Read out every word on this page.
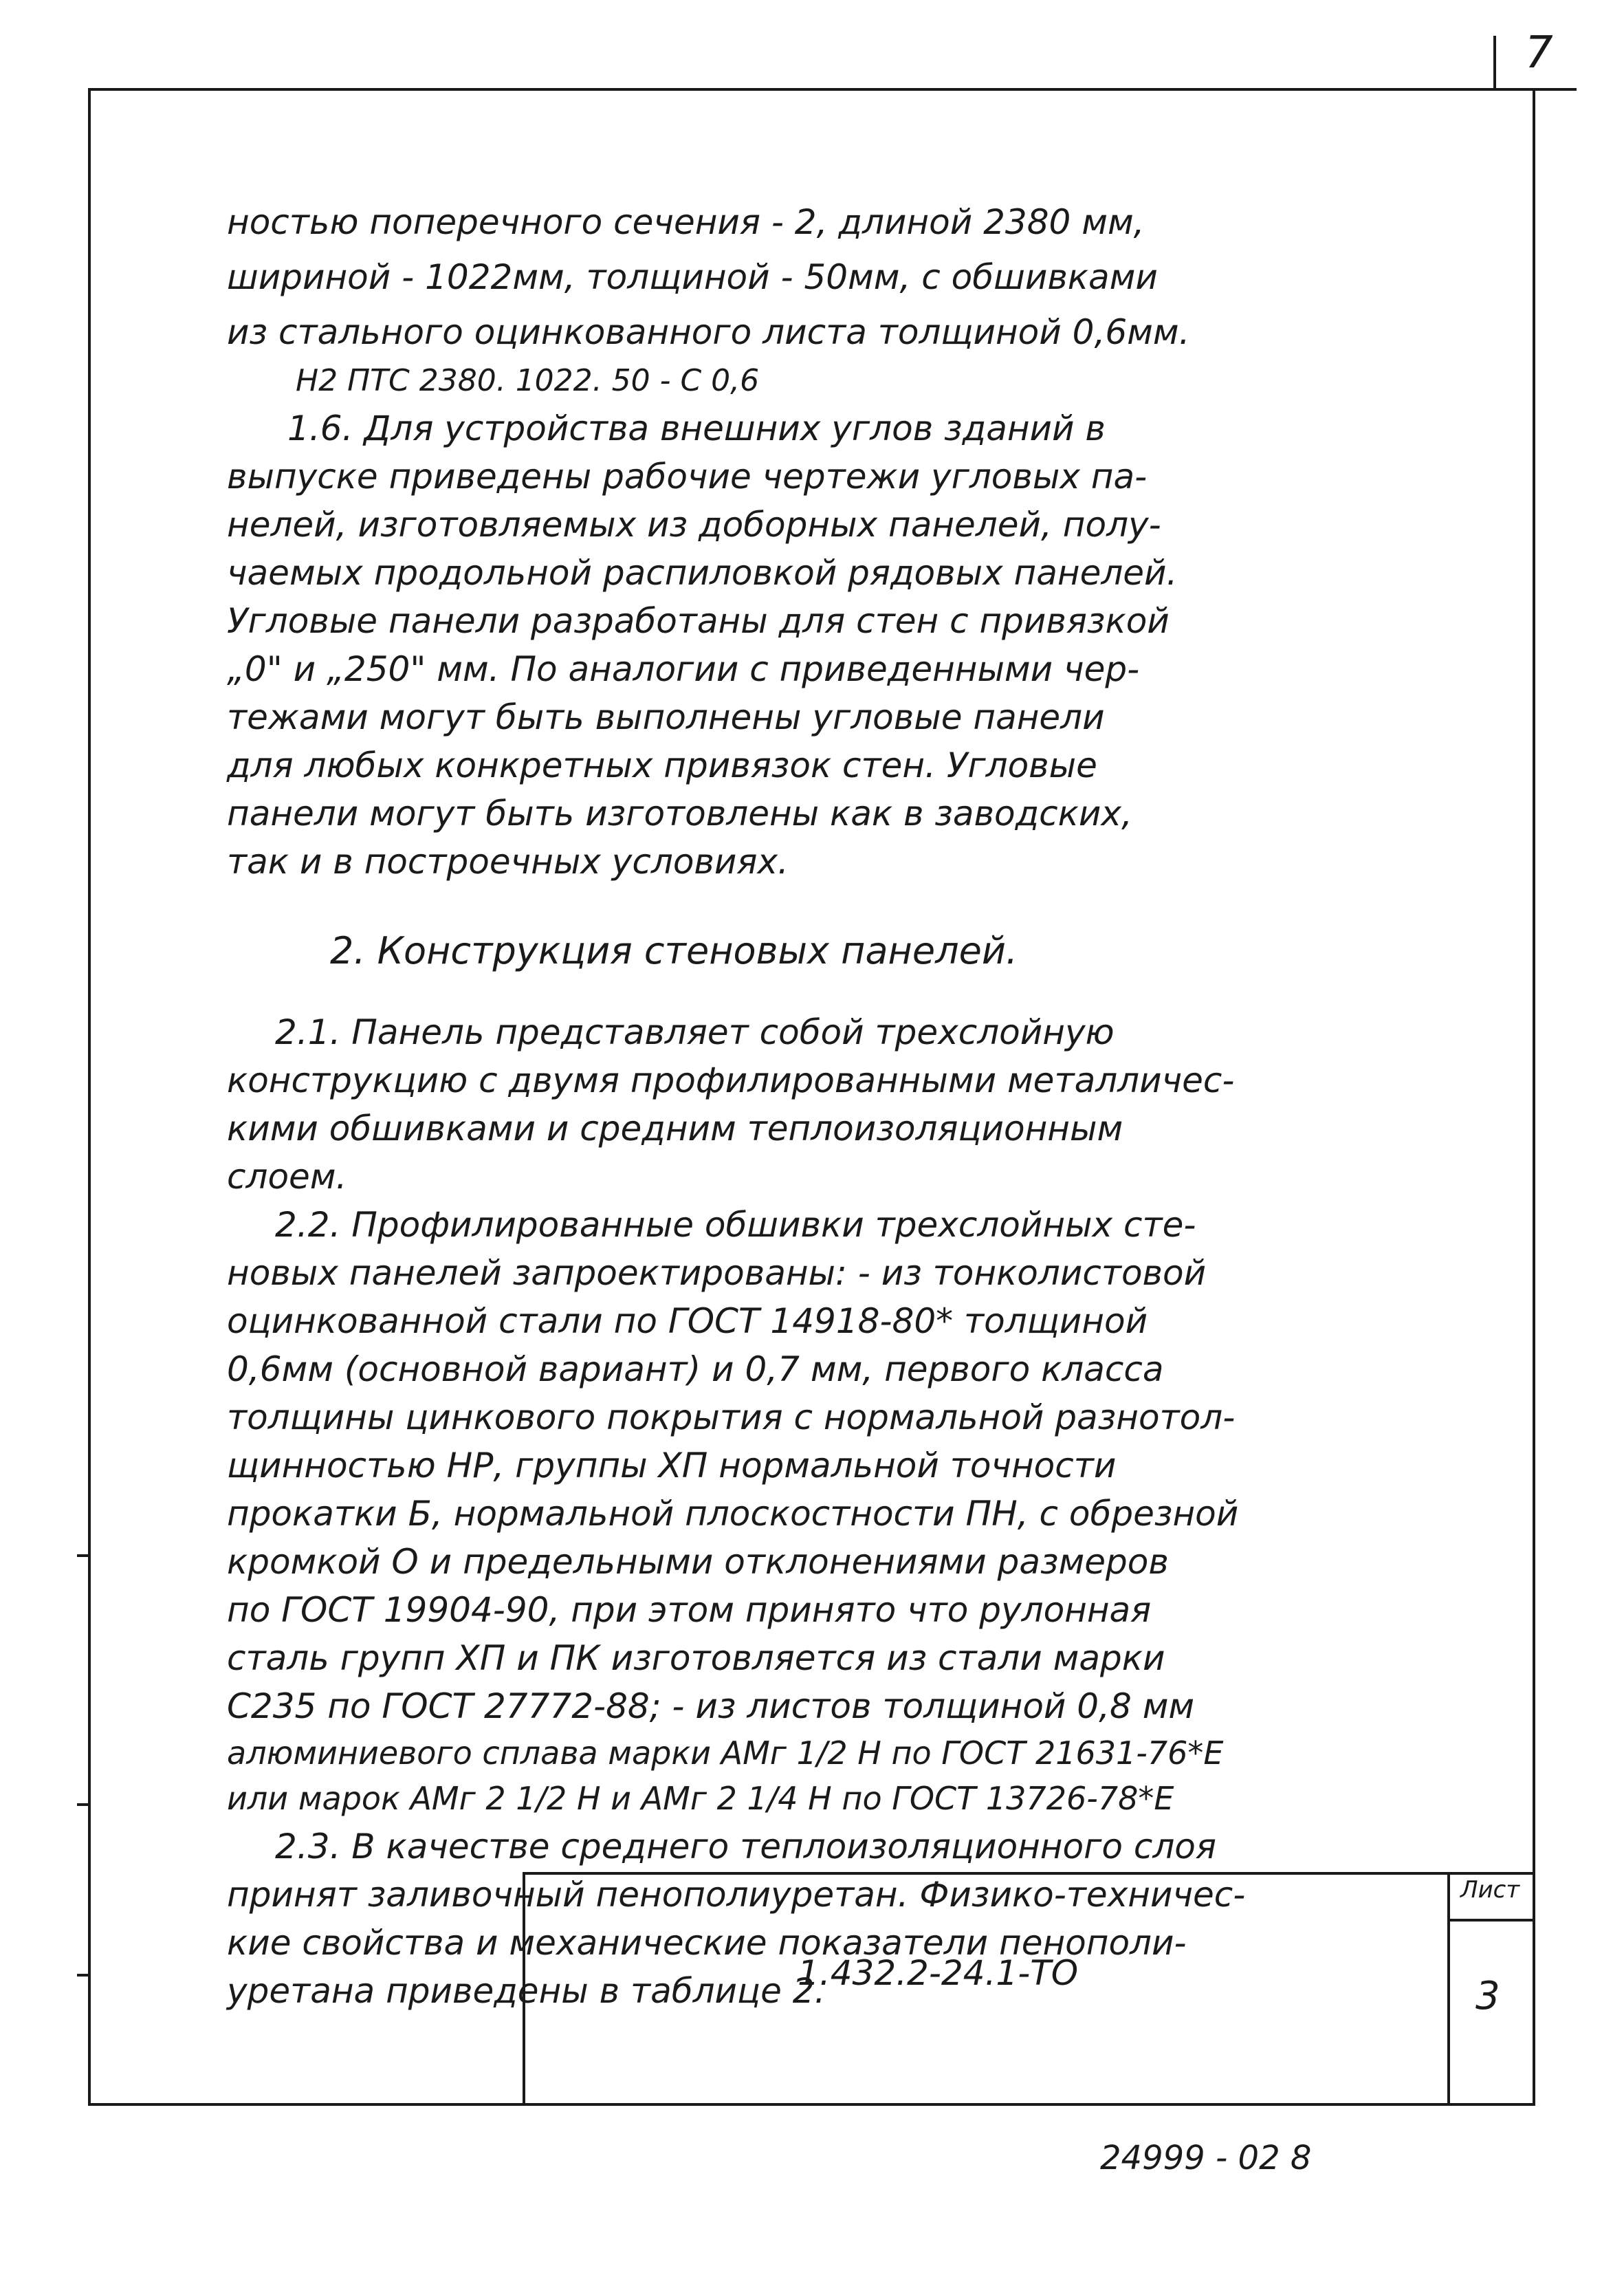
7
ностью поперечного сечения - 2, длиной 2380 мм,
шириной - 1022мм, толщиной - 50мм, с обшивками
из стального оцинкованного листа толщиной 0,6мм.
Н2 ПТС 2380. 1022. 50 - С 0,6
1.6. Для устройства внешних углов зданий в
выпуске приведены рабочие чертежи угловых па-
нелей, изготовляемых из доборных панелей, полу-
чаемых продольной распиловкой рядовых панелей.
Угловые панели разработаны для стен с привязкой
„0" и „250" мм. По аналогии с приведенными чер-
тежами могут быть выполнены угловые панели
для любых конкретных привязок стен. Угловые
панели могут быть изготовлены как в заводских,
так и в построечных условиях.
2. Конструкция стеновых панелей.
2.1. Панель представляет собой трехслойную
конструкцию с двумя профилированными металличес-
кими обшивками и средним теплоизоляционным
слоем.
2.2. Профилированные обшивки трехслойных сте-
новых панелей запроектированы: - из тонколистовой
оцинкованной стали по ГОСТ 14918-80* толщиной
0,6мм (основной вариант) и 0,7 мм, первого класса
толщины цинкового покрытия с нормальной разнотол-
щинностью НР, группы ХП нормальной точности
прокатки Б, нормальной плоскостности ПН, с обрезной
кромкой О и предельными отклонениями размеров
по ГОСТ 19904-90, при этом принято что рулонная
сталь групп ХП и ПК изготовляется из стали марки
С235 по ГОСТ 27772-88; - из листов толщиной 0,8 мм
алюминиевого сплава марки АМг 1/2 Н по ГОСТ 21631-76*Е
или марок АМг 2 1/2 Н и АМг 2 1/4 Н по ГОСТ 13726-78*Е
2.3. В качестве среднего теплоизоляционного слоя
принят заливочный пенополиуретан. Физико-техничес-
кие свойства и механические показатели пенополи-
уретана приведены в таблице 2.
1.432.2-24.1-ТО
Лист
3
24999 - 02 8
